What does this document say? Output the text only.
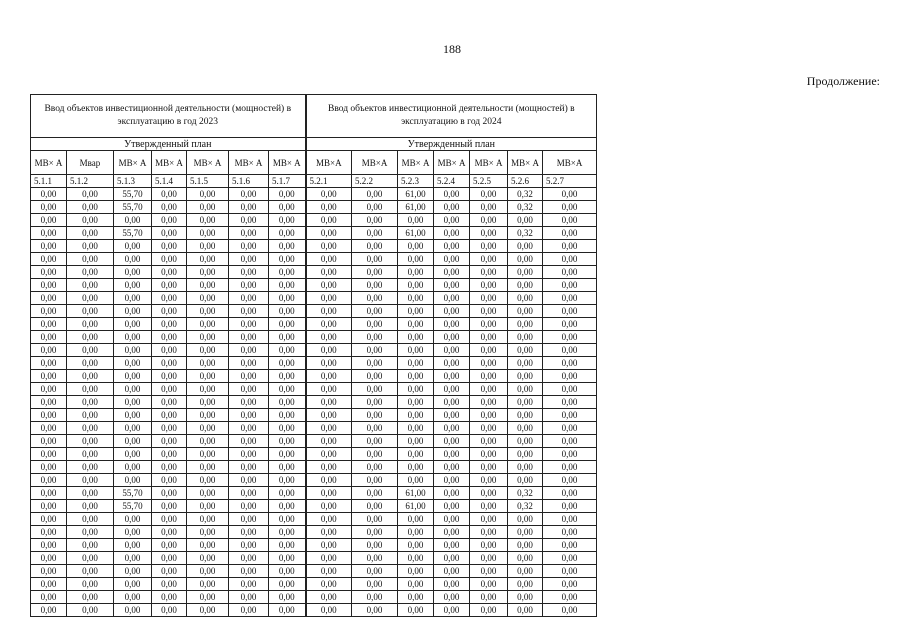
188
Продолжение:
Ввод объектов инвестиционной деятельности (мощностей) в эксплуатацию в год 2023							Ввод объектов инвестиционной деятельности (мощностей) в эксплуатацию в год 2024						
Утвержденный план							Утвержденный план						
МВ× А	Мвар	МВ× А	МВ× А	МВ× А	МВ× А	МВ× А	МВ×А	МВ×А	МВ× А	МВ× А	МВ× А	МВ× А	МВ×А
5.1.1	5.1.2	5.1.3	5.1.4	5.1.5	5.1.6	5.1.7	5.2.1	5.2.2	5.2.3	5.2.4	5.2.5	5.2.6	5.2.7
0,00	0,00	55,70	0,00	0,00	0,00	0,00	0,00	0,00	61,00	0,00	0,00	0,32	0,00
0,00	0,00	55,70	0,00	0,00	0,00	0,00	0,00	0,00	61,00	0,00	0,00	0,32	0,00
0,00	0,00	0,00	0,00	0,00	0,00	0,00	0,00	0,00	0,00	0,00	0,00	0,00	0,00
0,00	0,00	55,70	0,00	0,00	0,00	0,00	0,00	0,00	61,00	0,00	0,00	0,32	0,00
0,00	0,00	0,00	0,00	0,00	0,00	0,00	0,00	0,00	0,00	0,00	0,00	0,00	0,00
0,00	0,00	0,00	0,00	0,00	0,00	0,00	0,00	0,00	0,00	0,00	0,00	0,00	0,00
0,00	0,00	0,00	0,00	0,00	0,00	0,00	0,00	0,00	0,00	0,00	0,00	0,00	0,00
0,00	0,00	0,00	0,00	0,00	0,00	0,00	0,00	0,00	0,00	0,00	0,00	0,00	0,00
0,00	0,00	0,00	0,00	0,00	0,00	0,00	0,00	0,00	0,00	0,00	0,00	0,00	0,00
0,00	0,00	0,00	0,00	0,00	0,00	0,00	0,00	0,00	0,00	0,00	0,00	0,00	0,00
0,00	0,00	0,00	0,00	0,00	0,00	0,00	0,00	0,00	0,00	0,00	0,00	0,00	0,00
0,00	0,00	0,00	0,00	0,00	0,00	0,00	0,00	0,00	0,00	0,00	0,00	0,00	0,00
0,00	0,00	0,00	0,00	0,00	0,00	0,00	0,00	0,00	0,00	0,00	0,00	0,00	0,00
0,00	0,00	0,00	0,00	0,00	0,00	0,00	0,00	0,00	0,00	0,00	0,00	0,00	0,00
0,00	0,00	0,00	0,00	0,00	0,00	0,00	0,00	0,00	0,00	0,00	0,00	0,00	0,00
0,00	0,00	0,00	0,00	0,00	0,00	0,00	0,00	0,00	0,00	0,00	0,00	0,00	0,00
0,00	0,00	0,00	0,00	0,00	0,00	0,00	0,00	0,00	0,00	0,00	0,00	0,00	0,00
0,00	0,00	0,00	0,00	0,00	0,00	0,00	0,00	0,00	0,00	0,00	0,00	0,00	0,00
0,00	0,00	0,00	0,00	0,00	0,00	0,00	0,00	0,00	0,00	0,00	0,00	0,00	0,00
0,00	0,00	0,00	0,00	0,00	0,00	0,00	0,00	0,00	0,00	0,00	0,00	0,00	0,00
0,00	0,00	0,00	0,00	0,00	0,00	0,00	0,00	0,00	0,00	0,00	0,00	0,00	0,00
0,00	0,00	0,00	0,00	0,00	0,00	0,00	0,00	0,00	0,00	0,00	0,00	0,00	0,00
0,00	0,00	0,00	0,00	0,00	0,00	0,00	0,00	0,00	0,00	0,00	0,00	0,00	0,00
0,00	0,00	55,70	0,00	0,00	0,00	0,00	0,00	0,00	61,00	0,00	0,00	0,32	0,00
0,00	0,00	55,70	0,00	0,00	0,00	0,00	0,00	0,00	61,00	0,00	0,00	0,32	0,00
0,00	0,00	0,00	0,00	0,00	0,00	0,00	0,00	0,00	0,00	0,00	0,00	0,00	0,00
0,00	0,00	0,00	0,00	0,00	0,00	0,00	0,00	0,00	0,00	0,00	0,00	0,00	0,00
0,00	0,00	0,00	0,00	0,00	0,00	0,00	0,00	0,00	0,00	0,00	0,00	0,00	0,00
0,00	0,00	0,00	0,00	0,00	0,00	0,00	0,00	0,00	0,00	0,00	0,00	0,00	0,00
0,00	0,00	0,00	0,00	0,00	0,00	0,00	0,00	0,00	0,00	0,00	0,00	0,00	0,00
0,00	0,00	0,00	0,00	0,00	0,00	0,00	0,00	0,00	0,00	0,00	0,00	0,00	0,00
0,00	0,00	0,00	0,00	0,00	0,00	0,00	0,00	0,00	0,00	0,00	0,00	0,00	0,00
0,00	0,00	0,00	0,00	0,00	0,00	0,00	0,00	0,00	0,00	0,00	0,00	0,00	0,00
